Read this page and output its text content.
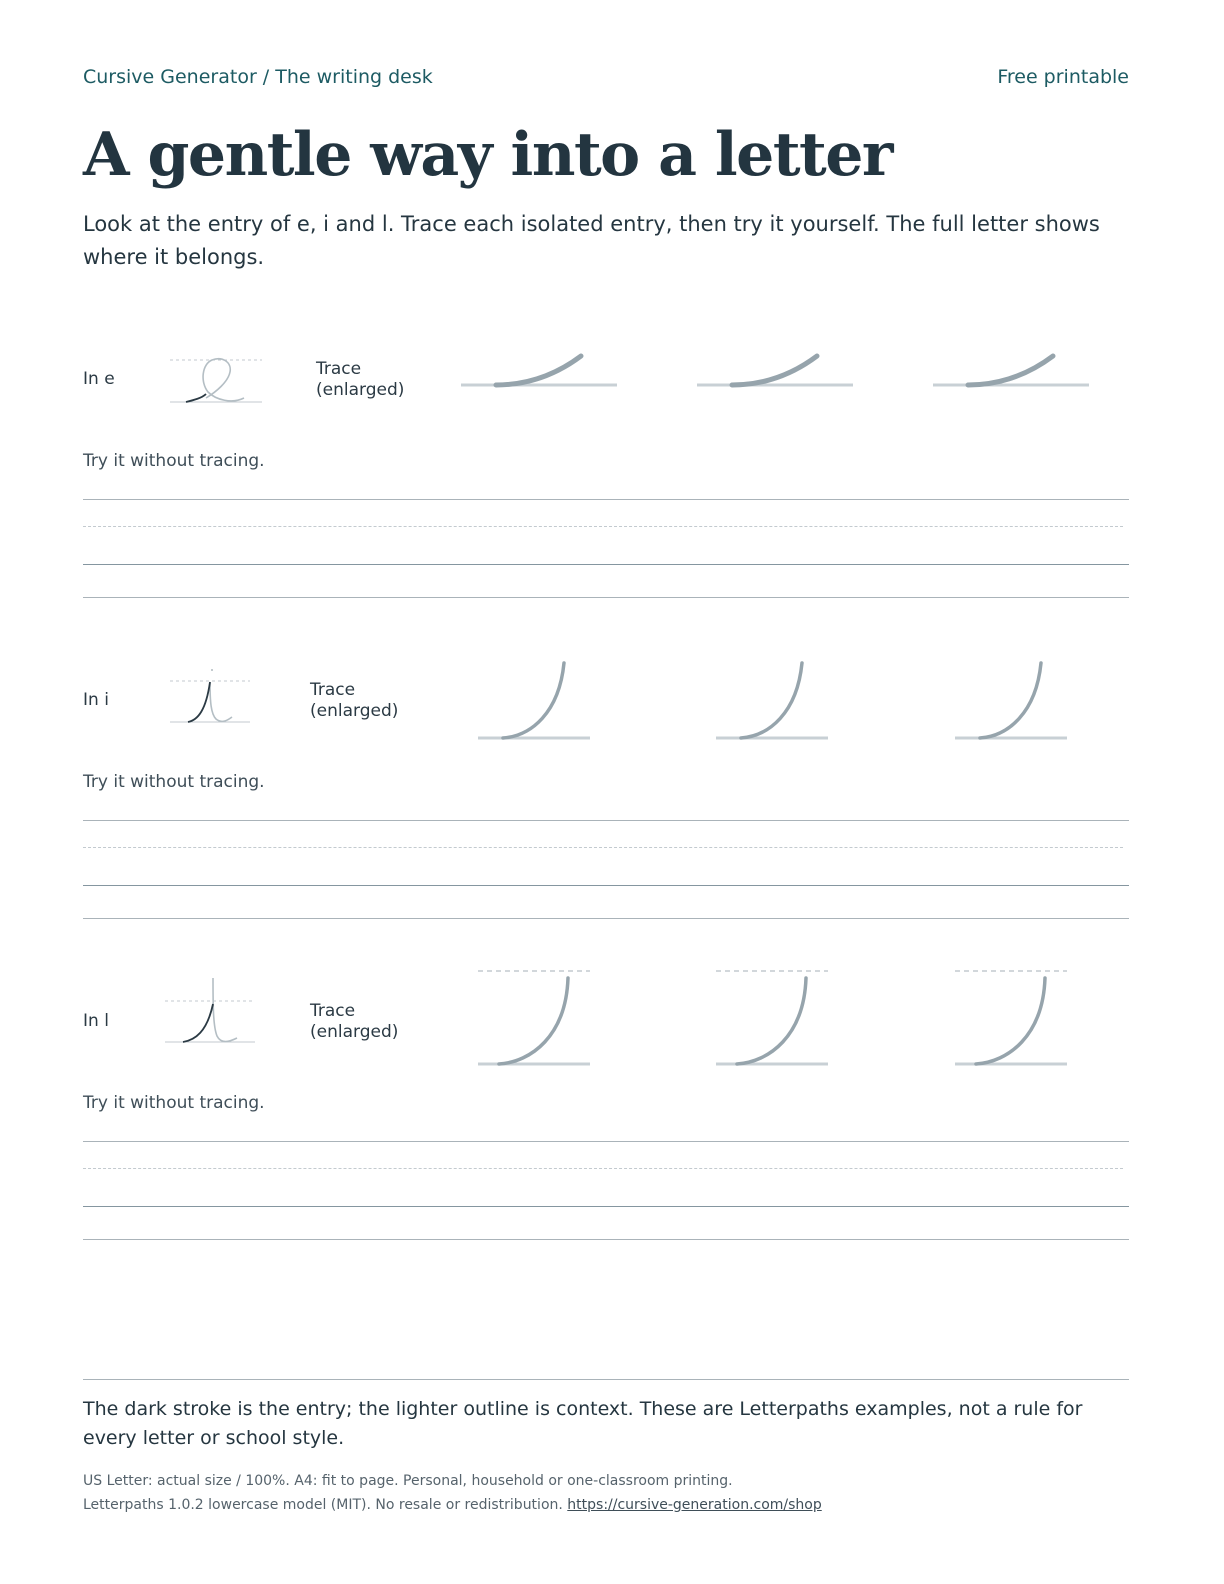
Cursive Generator / The writing desk	Free printable
A gentle way into a letter
Look at the entry of e, i and l. Trace each isolated entry, then try it yourself. The full letter shows where it belongs.
In e	Trace
(enlarged)
Try it without tracing.
In i	Trace
(enlarged)
Try it without tracing.
In l	Trace
(enlarged)
Try it without tracing.
The dark stroke is the entry; the lighter outline is context. These are Letterpaths examples, not a rule for every letter or school style.
US Letter: actual size / 100%. A4: fit to page. Personal, household or one-classroom printing.
Letterpaths 1.0.2 lowercase model (MIT). No resale or redistribution. https://cursive-generation.com/shop
